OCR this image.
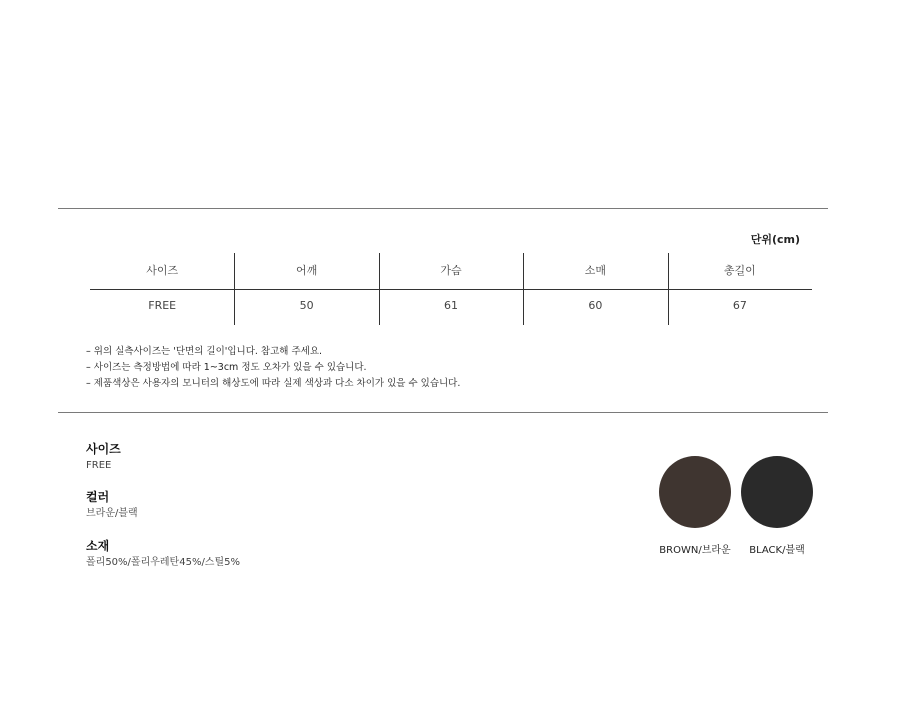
단위(cm)
사이즈	어깨	가슴	소매	총길이
FREE	50	61	60	67
– 위의 실측사이즈는 '단면의 길이'입니다. 참고해 주세요.
– 사이즈는 측정방법에 따라 1~3cm 정도 오차가 있을 수 있습니다.
– 제품색상은 사용자의 모니터의 해상도에 따라 실제 색상과 다소 차이가 있을 수 있습니다.
사이즈
FREE
컬러
브라운/블랙
소재
폴리50%/폴리우레탄45%/스틸5%
BROWN/브라운	BLACK/블랙
